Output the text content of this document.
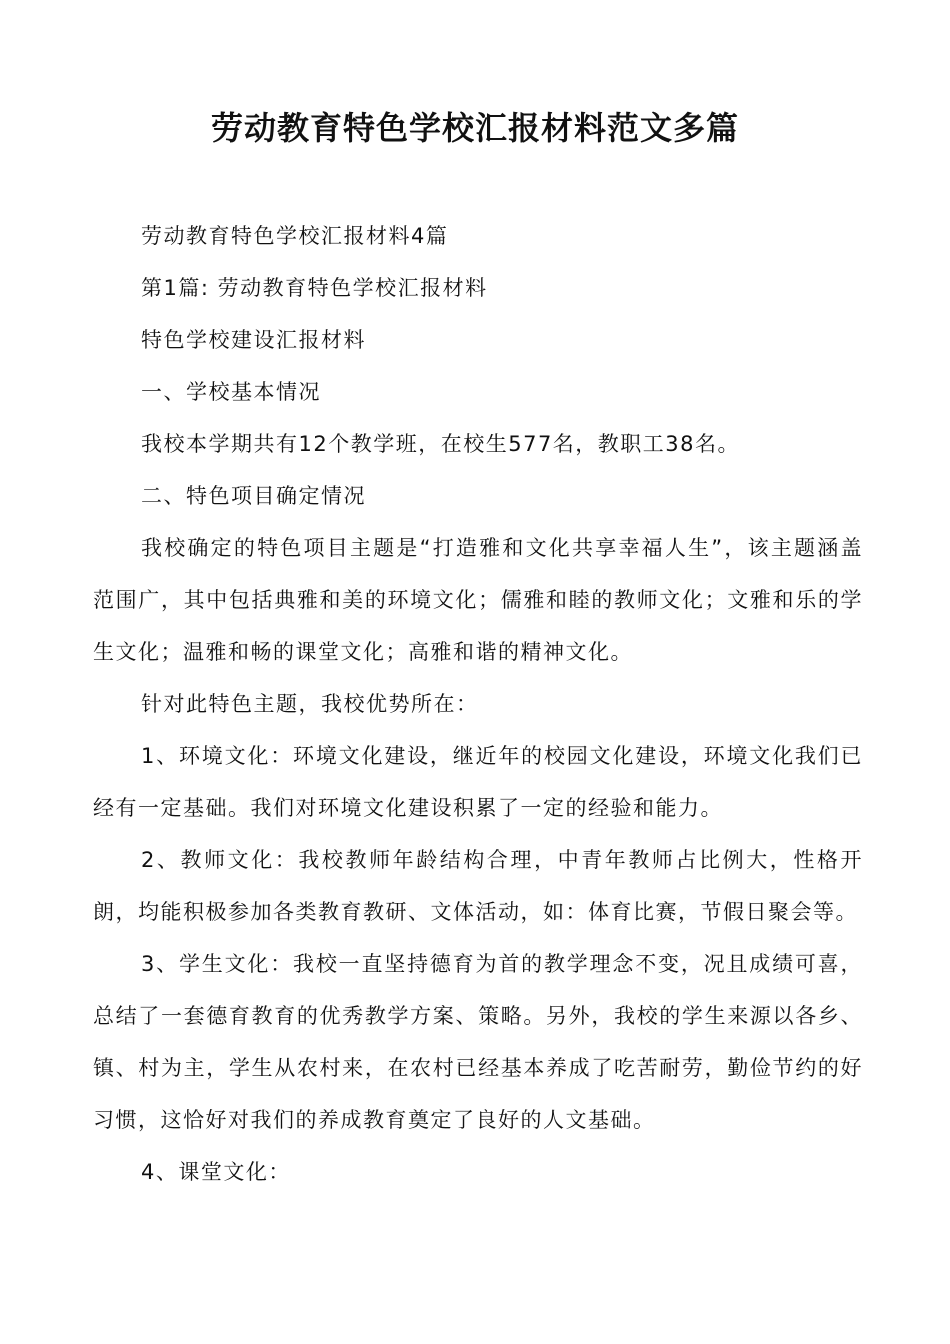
劳动教育特色学校汇报材料范文多篇

劳动教育特色学校汇报材料4篇

第1篇: 劳动教育特色学校汇报材料

特色学校建设汇报材料

一、学校基本情况

我校本学期共有12个教学班，在校生577名，教职工38名。

二、特色项目确定情况

我校确定的特色项目主题是“打造雅和文化共享幸福人生”，该主题涵盖范围广，其中包括典雅和美的环境文化；儒雅和睦的教师文化；文雅和乐的学生文化；温雅和畅的课堂文化；高雅和谐的精神文化。

针对此特色主题，我校优势所在：

1、环境文化：环境文化建设，继近年的校园文化建设，环境文化我们已经有一定基础。我们对环境文化建设积累了一定的经验和能力。

2、教师文化：我校教师年龄结构合理，中青年教师占比例大，性格开朗，均能积极参加各类教育教研、文体活动，如：体育比赛，节假日聚会等。

3、学生文化：我校一直坚持德育为首的教学理念不变，况且成绩可喜，总结了一套德育教育的优秀教学方案、策略。另外，我校的学生来源以各乡、镇、村为主，学生从农村来，在农村已经基本养成了吃苦耐劳，勤俭节约的好习惯，这恰好对我们的养成教育奠定了良好的人文基础。

4、课堂文化：
